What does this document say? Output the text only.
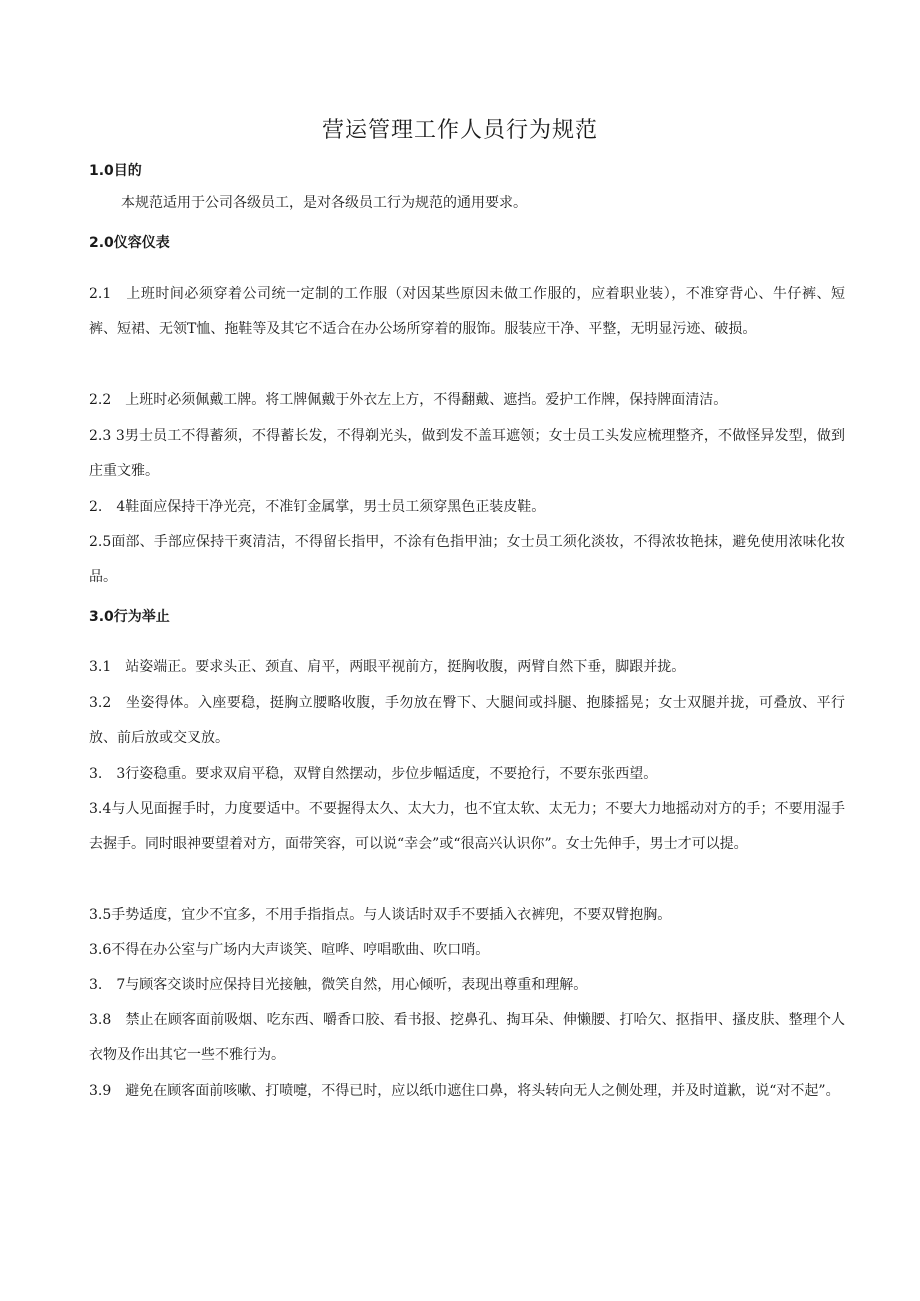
营运管理工作人员行为规范
1.0目的
本规范适用于公司各级员工，是对各级员工行为规范的通用要求。
2.0仪容仪表
2.1　上班时间必须穿着公司统一定制的工作服（对因某些原因未做工作服的，应着职业装），不准穿背心、牛仔裤、短裤、短裙、无领T恤、拖鞋等及其它不适合在办公场所穿着的服饰。服装应干净、平整，无明显污迹、破损。
2.2　上班时必须佩戴工牌。将工牌佩戴于外衣左上方，不得翻戴、遮挡。爱护工作牌，保持牌面清洁。
2.3 3男士员工不得蓄须，不得蓄长发，不得剃光头，做到发不盖耳遮领；女士员工头发应梳理整齐，不做怪异发型，做到庄重文雅。
2.　4鞋面应保持干净光亮，不准钉金属掌，男士员工须穿黑色正装皮鞋。
2.5面部、手部应保持干爽清洁，不得留长指甲，不涂有色指甲油；女士员工须化淡妆，不得浓妆艳抹，避免使用浓味化妆品。
3.0行为举止
3.1　站姿端正。要求头正、颈直、肩平，两眼平视前方，挺胸收腹，两臂自然下垂，脚跟并拢。
3.2　坐姿得体。入座要稳，挺胸立腰略收腹，手勿放在臀下、大腿间或抖腿、抱膝摇晃；女士双腿并拢，可叠放、平行放、前后放或交叉放。
3.　3行姿稳重。要求双肩平稳，双臂自然摆动，步位步幅适度，不要抢行，不要东张西望。
3.4与人见面握手时，力度要适中。不要握得太久、太大力，也不宜太软、太无力；不要大力地摇动对方的手；不要用湿手去握手。同时眼神要望着对方，面带笑容，可以说“幸会”或“很高兴认识你”。女士先伸手，男士才可以提。
3.5手势适度，宜少不宜多，不用手指指点。与人谈话时双手不要插入衣裤兜，不要双臂抱胸。
3.6不得在办公室与广场内大声谈笑、喧哗、哼唱歌曲、吹口哨。
3.　7与顾客交谈时应保持目光接触，微笑自然，用心倾听，表现出尊重和理解。
3.8　禁止在顾客面前吸烟、吃东西、嚼香口胶、看书报、挖鼻孔、掏耳朵、伸懒腰、打哈欠、抠指甲、搔皮肤、整理个人衣物及作出其它一些不雅行为。
3.9　避免在顾客面前咳嗽、打喷嚏，不得已时，应以纸巾遮住口鼻，将头转向无人之侧处理，并及时道歉，说“对不起”。
